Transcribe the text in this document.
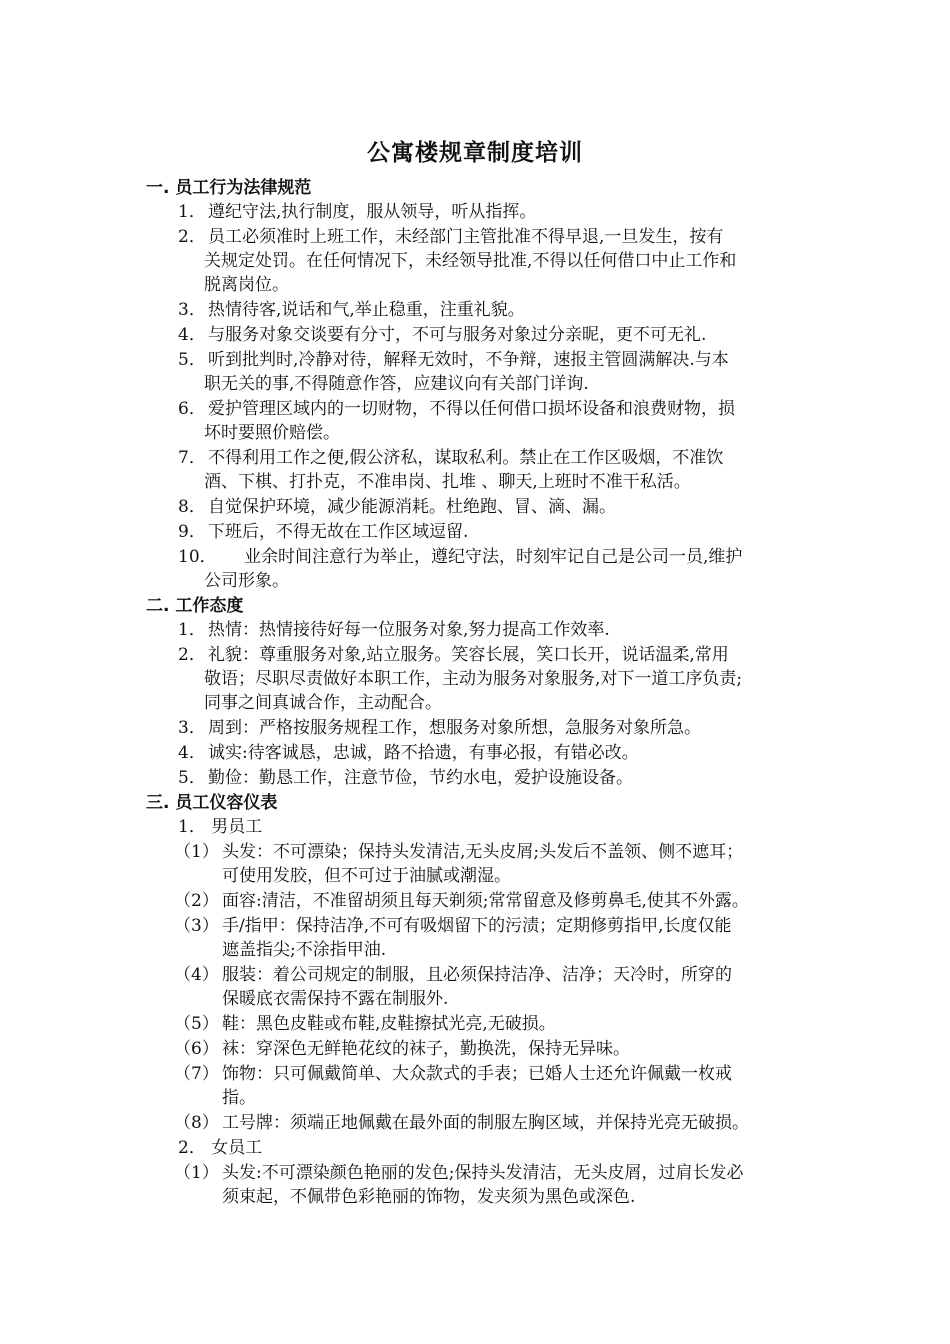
公寓楼规章制度培训
一. 员工行为法律规范
1． 遵纪守法,执行制度，服从领导，听从指挥。
2． 员工必须准时上班工作，未经部门主管批准不得早退,一旦发生，按有
关规定处罚。在任何情况下，未经领导批准,不得以任何借口中止工作和
脱离岗位。
3． 热情待客,说话和气,举止稳重，注重礼貌。
4． 与服务对象交谈要有分寸，不可与服务对象过分亲昵，更不可无礼.
5． 听到批判时,冷静对待，解释无效时，不争辩，速报主管圆满解决.与本
职无关的事,不得随意作答，应建议向有关部门详询.
6． 爱护管理区域内的一切财物，不得以任何借口损坏设备和浪费财物，损
坏时要照价赔偿。
7． 不得利用工作之便,假公济私，谋取私利。禁止在工作区吸烟，不准饮
酒、下棋、打扑克，不准串岗、扎堆 、聊天,上班时不准干私活。
8． 自觉保护环境，减少能源消耗。杜绝跑、冒、滴、漏。
9． 下班后，不得无故在工作区域逗留.
10． 业余时间注意行为举止，遵纪守法，时刻牢记自己是公司一员,维护
公司形象。
二. 工作态度
1． 热情：热情接待好每一位服务对象,努力提高工作效率.
2． 礼貌：尊重服务对象,站立服务。笑容长展，笑口长开，说话温柔,常用
敬语；尽职尽责做好本职工作，主动为服务对象服务,对下一道工序负责;
同事之间真诚合作，主动配合。
3． 周到：严格按服务规程工作，想服务对象所想，急服务对象所急。
4． 诚实:待客诚恳，忠诚，路不拾遗，有事必报，有错必改。
5． 勤俭：勤恳工作，注意节俭，节约水电，爱护设施设备。
三. 员工仪容仪表
1． 男员工
（1） 头发：不可漂染；保持头发清洁,无头皮屑;头发后不盖领、侧不遮耳；
可使用发胶，但不可过于油腻或潮湿。
（2） 面容:清洁，不准留胡须且每天剃须;常常留意及修剪鼻毛,使其不外露。
（3） 手/指甲：保持洁净,不可有吸烟留下的污渍；定期修剪指甲,长度仅能
遮盖指尖;不涂指甲油.
（4） 服装：着公司规定的制服，且必须保持洁净、洁净；天冷时，所穿的
保暖底衣需保持不露在制服外.
（5） 鞋：黑色皮鞋或布鞋,皮鞋擦拭光亮,无破损。
（6） 袜：穿深色无鲜艳花纹的袜子，勤换洗，保持无异味。
（7） 饰物：只可佩戴简单、大众款式的手表；已婚人士还允许佩戴一枚戒
指。
（8） 工号牌：须端正地佩戴在最外面的制服左胸区域，并保持光亮无破损。
2． 女员工
（1） 头发:不可漂染颜色艳丽的发色;保持头发清洁，无头皮屑，过肩长发必
须束起，不佩带色彩艳丽的饰物，发夹须为黑色或深色.
